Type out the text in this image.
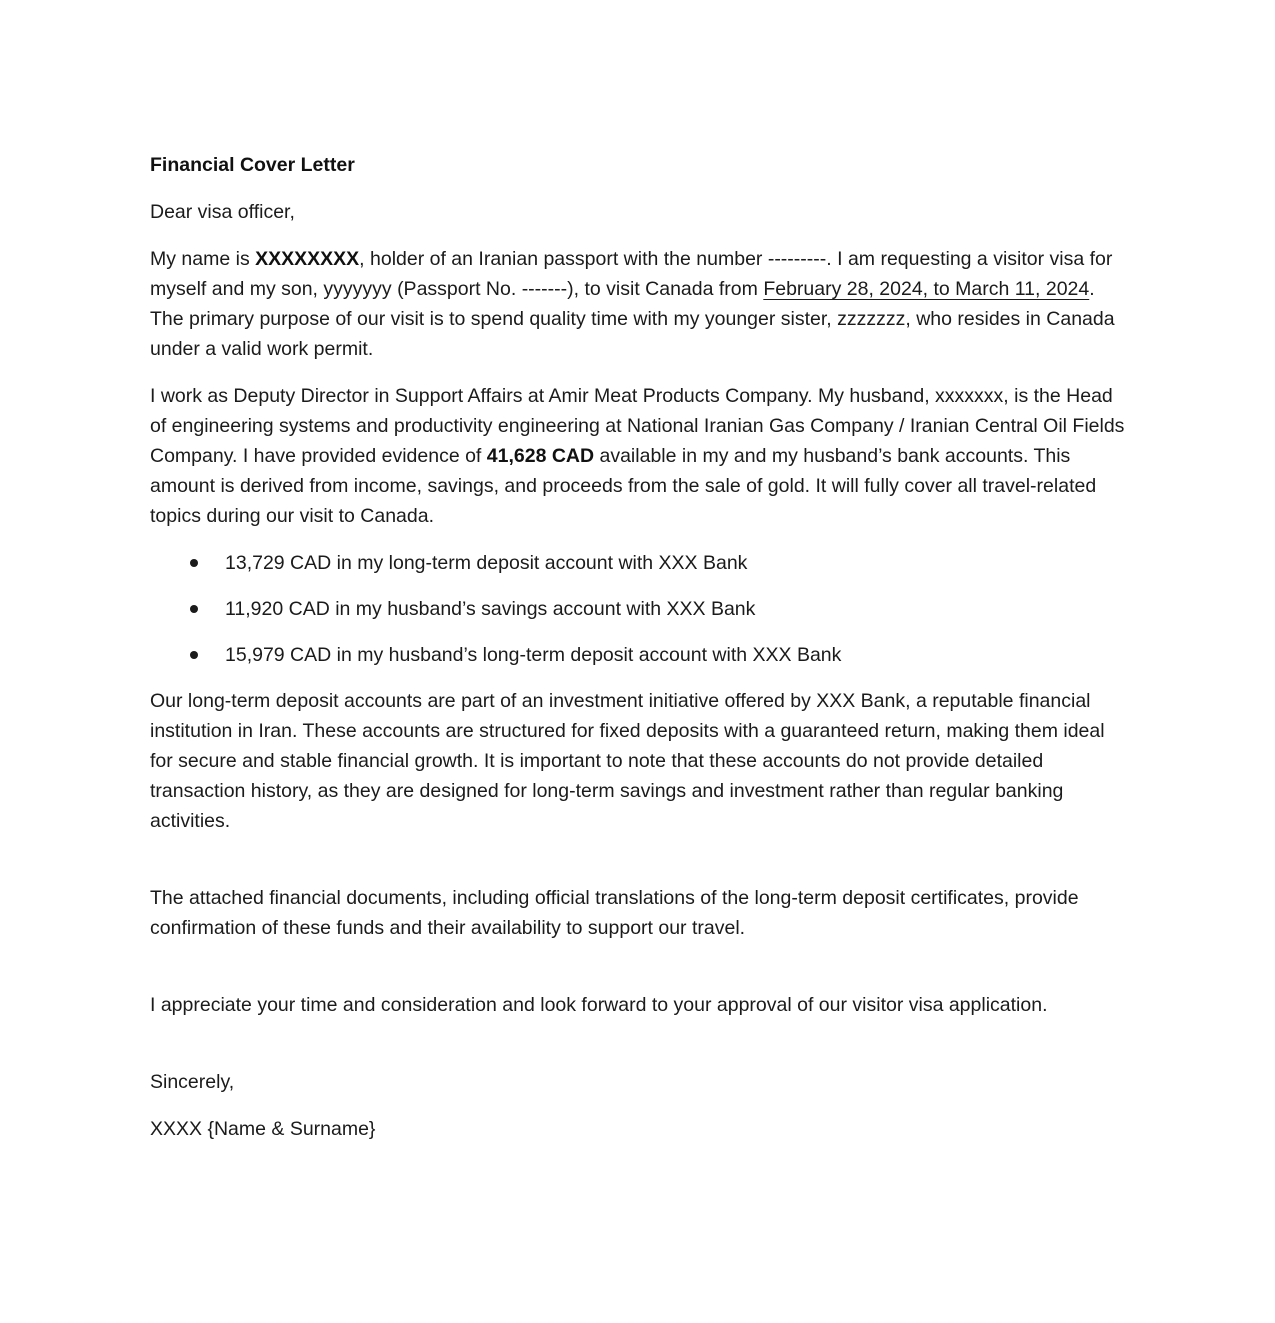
Financial Cover Letter

Dear visa officer,

My name is XXXXXXXX, holder of an Iranian passport with the number ---------. I am requesting a visitor visa for myself and my son, yyyyyyy (Passport No. -------), to visit Canada from February 28, 2024, to March 11, 2024. The primary purpose of our visit is to spend quality time with my younger sister, zzzzzzz, who resides in Canada under a valid work permit.

I work as Deputy Director in Support Affairs at Amir Meat Products Company. My husband, xxxxxxx, is the Head of engineering systems and productivity engineering at National Iranian Gas Company / Iranian Central Oil Fields Company. I have provided evidence of 41,628 CAD available in my and my husband’s bank accounts. This amount is derived from income, savings, and proceeds from the sale of gold. It will fully cover all travel-related topics during our visit to Canada.

13,729 CAD in my long-term deposit account with XXX Bank
11,920 CAD in my husband’s savings account with XXX Bank
15,979 CAD in my husband’s long-term deposit account with XXX Bank

Our long-term deposit accounts are part of an investment initiative offered by XXX Bank, a reputable financial institution in Iran. These accounts are structured for fixed deposits with a guaranteed return, making them ideal for secure and stable financial growth. It is important to note that these accounts do not provide detailed transaction history, as they are designed for long-term savings and investment rather than regular banking activities.

The attached financial documents, including official translations of the long-term deposit certificates, provide confirmation of these funds and their availability to support our travel.

I appreciate your time and consideration and look forward to your approval of our visitor visa application.

Sincerely,

XXXX {Name & Surname}
